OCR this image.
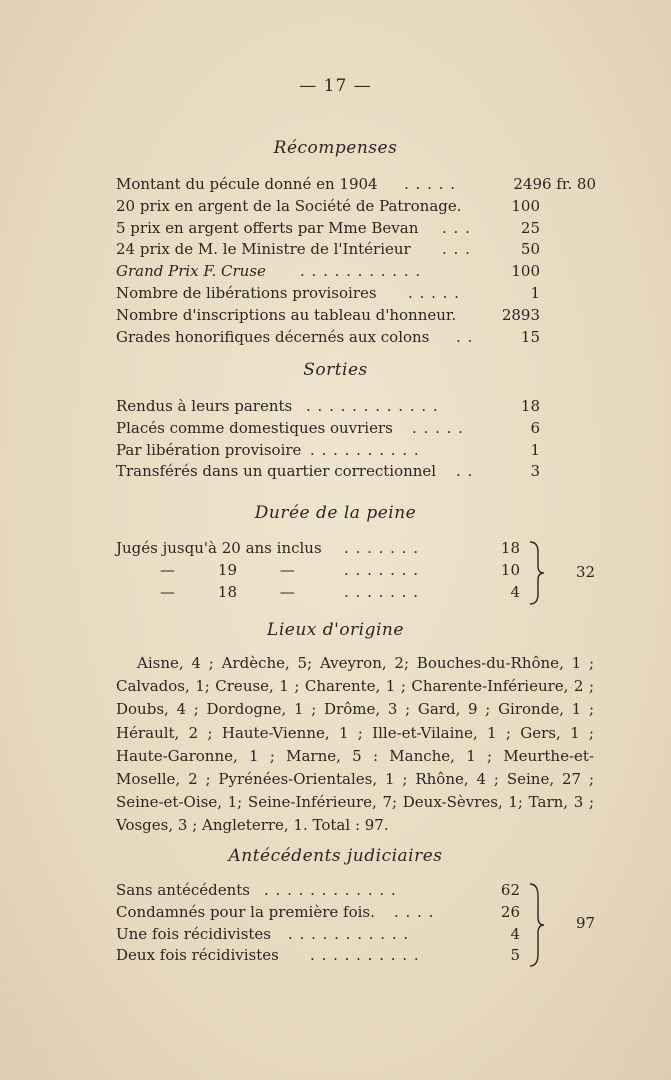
— 17 —
Récompenses
Montant du pécule donné en 1904 . . . . .	2496 fr. 80
20 prix en argent de la Société de Patronage.	100
5 prix en argent offerts par Mme Bevan . . .	25
24 prix de M. le Ministre de l'Intérieur . . .	50
Grand Prix F. Cruse . . . . . . . . . . .	100
Nombre de libérations provisoires . . . . .	1
Nombre d'inscriptions au tableau d'honneur.	2893
Grades honorifiques décernés aux colons . .	15
Sorties
Rendus à leurs parents . . . . . . . . . . . .	18
Placés comme domestiques ouvriers . . . . .	6
Par libération provisoire . . . . . . . . . .	1
Transférés dans un quartier correctionnel . .	3
Durée de la peine
Jugés jusqu'à 20 ans inclus . . . . . . .	18
—         19         —	. . . . . . .	10
—         18         —	. . . . . . .	4
32
Lieux d'origine
Aisne, 4 ; Ardèche, 5; Aveyron, 2; Bouches-du-Rhône, 1 ; Calvados, 1; Creuse, 1 ; Charente, 1 ; Charente-Inférieure, 2 ; Doubs, 4 ; Dordogne, 1 ; Drôme, 3 ; Gard, 9 ; Gironde, 1 ; Hérault, 2 ; Haute-Vienne, 1 ; Ille-et-Vilaine, 1 ; Gers, 1 ; Haute-Garonne, 1 ; Marne, 5 : Manche, 1 ; Meurthe-et-Moselle, 2 ; Pyrénées-Orientales, 1 ; Rhône, 4 ; Seine, 27 ; Seine-et-Oise, 1; Seine-Inférieure, 7; Deux-Sèvres, 1; Tarn, 3 ; Vosges, 3 ; Angleterre, 1. Total : 97.
Antécédents judiciaires
Sans antécédents . . . . . . . . . . . .	62
Condamnés pour la première fois. . . . .	26
Une fois récidivistes . . . . . . . . . . .	4
Deux fois récidivistes . . . . . . . . . .	5
97
